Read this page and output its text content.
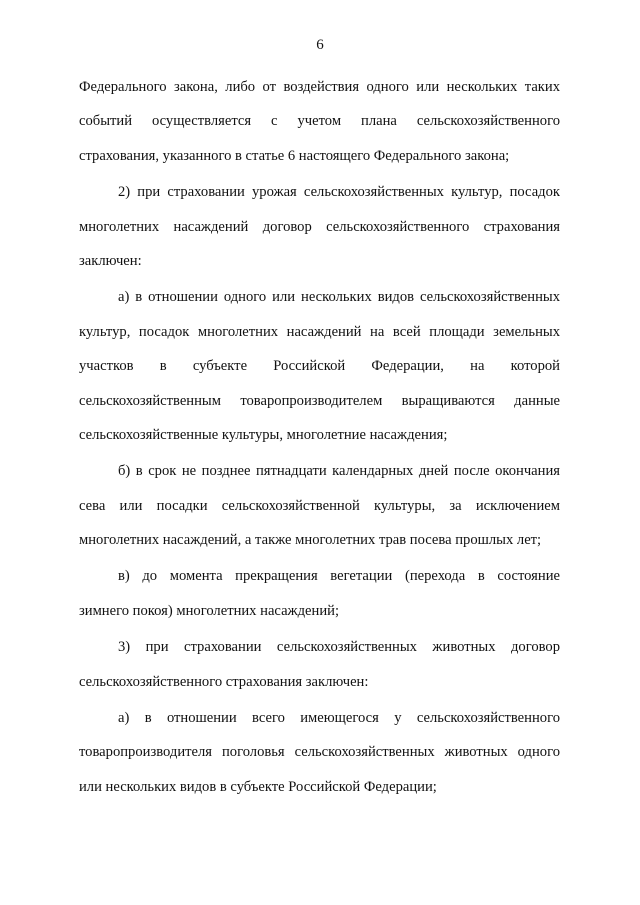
6
Федерального закона, либо от воздействия одного или нескольких таких
событий осуществляется с учетом плана сельскохозяйственного
страхования, указанного в статье 6 настоящего Федерального закона;
2) при страховании урожая сельскохозяйственных культур, посадок
многолетних насаждений договор сельскохозяйственного страхования
заключен:
а) в отношении одного или нескольких видов сельскохозяйственных
культур, посадок многолетних насаждений на всей площади земельных
участков в субъекте Российской Федерации, на которой
сельскохозяйственным товаропроизводителем выращиваются данные
сельскохозяйственные культуры, многолетние насаждения;
б) в срок не позднее пятнадцати календарных дней после окончания
сева или посадки сельскохозяйственной культуры, за исключением
многолетних насаждений, а также многолетних трав посева прошлых лет;
в) до момента прекращения вегетации (перехода в состояние
зимнего покоя) многолетних насаждений;
3) при страховании сельскохозяйственных животных договор
сельскохозяйственного страхования заключен:
а) в отношении всего имеющегося у сельскохозяйственного
товаропроизводителя поголовья сельскохозяйственных животных одного
или нескольких видов в субъекте Российской Федерации;
